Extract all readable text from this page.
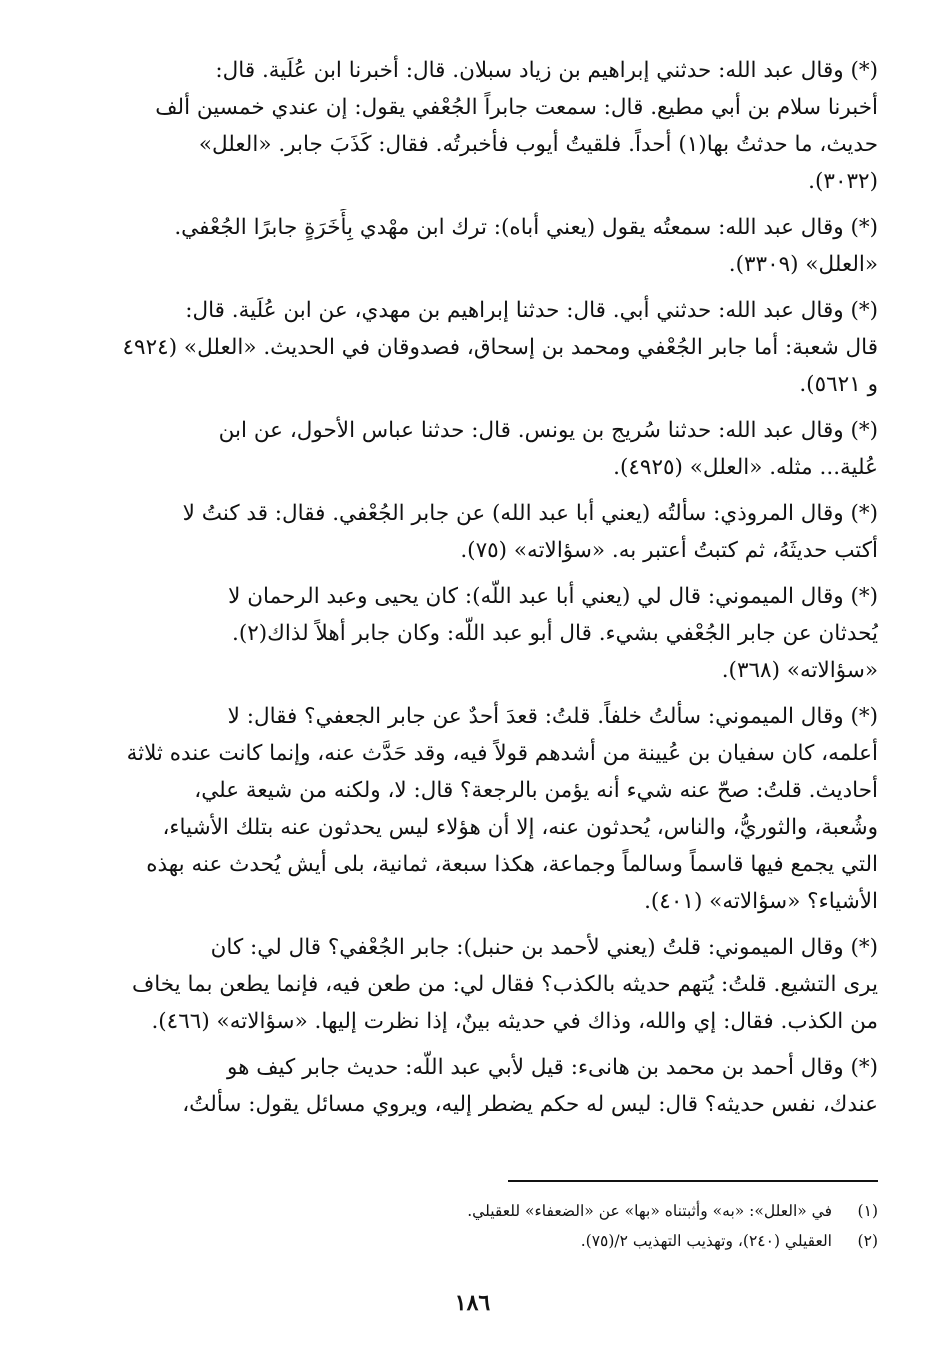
(*) وقال عبد الله: حدثني إبراهيم بن زياد سبلان. قال: أخبرنا ابن عُلَية. قال:
أخبرنا سلام بن أبي مطيع. قال: سمعت جابراً الجُعْفي يقول: إن عندي خمسين ألف
حديث، ما حدثتُ بها(١) أحداً. فلقيتُ أيوب فأخبرتُه. فقال: كَذَبَ جابر. «العلل»
(٣٠٣٢).
(*) وقال عبد الله: سمعتُه يقول (يعني أباه): ترك ابن مهْدي بِأَخَرَةٍ جابرًا الجُعْفي.
«العلل» (٣٣٠٩).
(*) وقال عبد الله: حدثني أبي. قال: حدثنا إبراهيم بن مهدي، عن ابن عُلَية. قال:
قال شعبة: أما جابر الجُعْفي ومحمد بن إسحاق، فصدوقان في الحديث. «العلل» (٤٩٢٤
و ٥٦٢١).
(*) وقال عبد الله: حدثنا سُريج بن يونس. قال: حدثنا عباس الأحول، عن ابن
عُلية... مثله. «العلل» (٤٩٢٥).
(*) وقال المروذي: سألتُه (يعني أبا عبد الله) عن جابر الجُعْفي. فقال: قد كنتُ لا
أكتب حديثَهُ، ثم كتبتُ أعتبر به. «سؤالاته» (٧٥).
(*) وقال الميموني: قال لي (يعني أبا عبد اللّه): كان يحيى وعبد الرحمان لا
يُحدثان عن جابر الجُعْفي بشيء. قال أبو عبد اللّه: وكان جابر أهلاً لذاك(٢).
«سؤالاته» (٣٦٨).
(*) وقال الميموني: سألتُ خلفاً. قلتُ: قعدَ أحدٌ عن جابر الجعفي؟ فقال: لا
أعلمه، كان سفيان بن عُيينة من أشدهم قولاً فيه، وقد حَدَّث عنه، وإنما كانت عنده ثلاثة
أحاديث. قلتُ: صحّ عنه شيء أنه يؤمن بالرجعة؟ قال: لا، ولكنه من شيعة علي،
وشُعبة، والثوريُّ، والناس، يُحدثون عنه، إلا أن هؤلاء ليس يحدثون عنه بتلك الأشياء،
التي يجمع فيها قاسماً وسالماً وجماعة، هكذا سبعة، ثمانية، بلى أيش يُحدث عنه بهذه
الأشياء؟ «سؤالاته» (٤٠١).
(*) وقال الميموني: قلتُ (يعني لأحمد بن حنبل): جابر الجُعْفي؟ قال لي: كان
يرى التشيع. قلتُ: يُتهم حديثه بالكذب؟ فقال لي: من طعن فيه، فإنما يطعن بما يخاف
من الكذب. فقال: إي والله، وذاك في حديثه بينٌ، إذا نظرت إليها. «سؤالاته» (٤٦٦).
(*) وقال أحمد بن محمد بن هانىء: قيل لأبي عبد اللّه: حديث جابر كيف هو
عندك، نفس حديثه؟ قال: ليس له حكم يضطر إليه، ويروي مسائل يقول: سألتُ،
(١)
في «العلل»: «به» وأثبتناه «بها» عن «الضعفاء» للعقيلي.
(٢)
العقيلي (٢٤٠)، وتهذيب التهذيب ٢/(٧٥).
١٨٦
